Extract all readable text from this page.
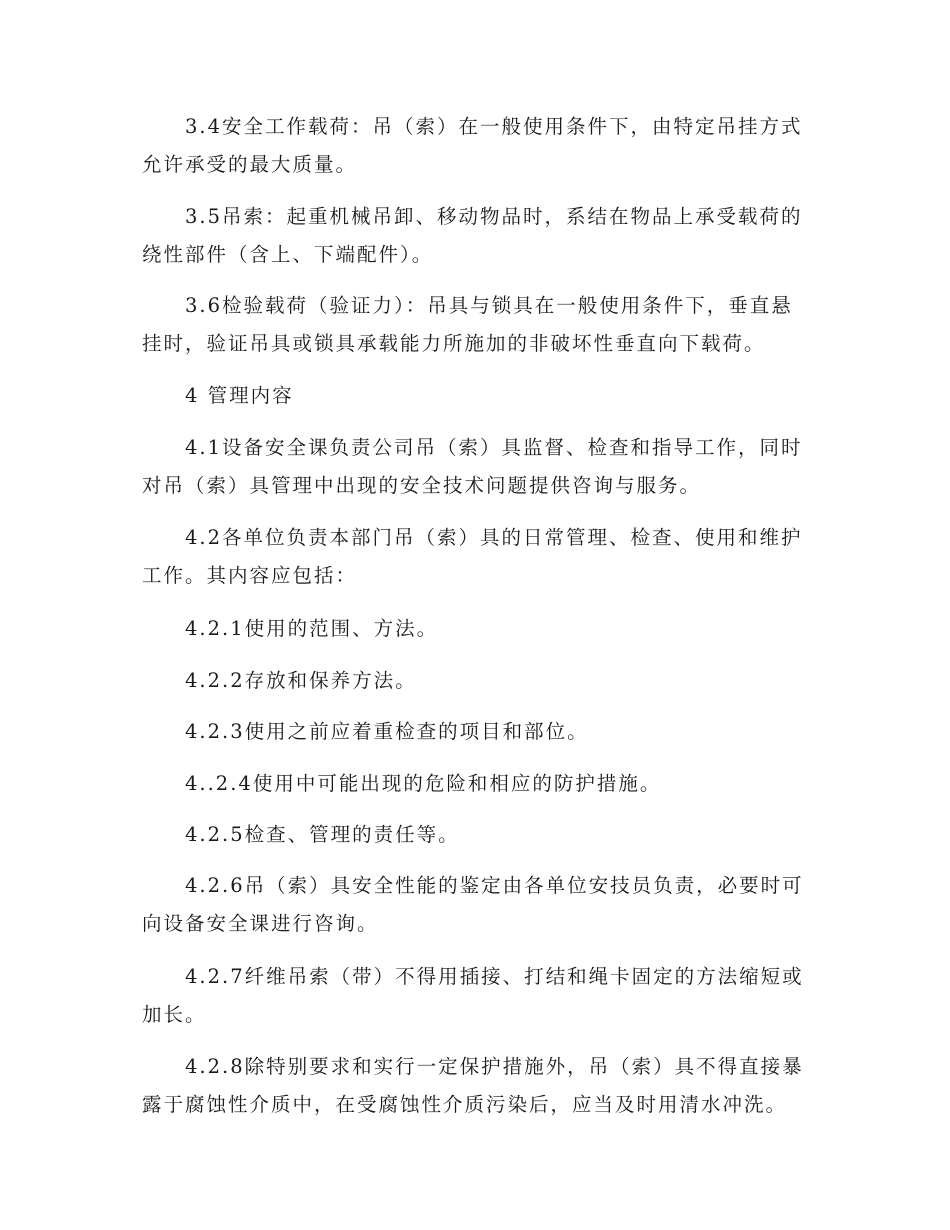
3.4安全工作载荷：吊（索）在一般使用条件下，由特定吊挂方式
允许承受的最大质量。

3.5吊索：起重机械吊卸、移动物品时，系结在物品上承受载荷的
绕性部件（含上、下端配件）。

3.6检验载荷（验证力）：吊具与锁具在一般使用条件下，垂直悬
挂时，验证吊具或锁具承载能力所施加的非破坏性垂直向下载荷。

4 管理内容

4.1设备安全课负责公司吊（索）具监督、检查和指导工作，同时
对吊（索）具管理中出现的安全技术问题提供咨询与服务。

4.2各单位负责本部门吊（索）具的日常管理、检查、使用和维护
工作。其内容应包括：

4.2.1使用的范围、方法。

4.2.2存放和保养方法。

4.2.3使用之前应着重检查的项目和部位。

4..2.4使用中可能出现的危险和相应的防护措施。

4.2.5检查、管理的责任等。

4.2.6吊（索）具安全性能的鉴定由各单位安技员负责，必要时可
向设备安全课进行咨询。

4.2.7纤维吊索（带）不得用插接、打结和绳卡固定的方法缩短或
加长。

4.2.8除特别要求和实行一定保护措施外，吊（索）具不得直接暴
露于腐蚀性介质中，在受腐蚀性介质污染后，应当及时用清水冲洗。
